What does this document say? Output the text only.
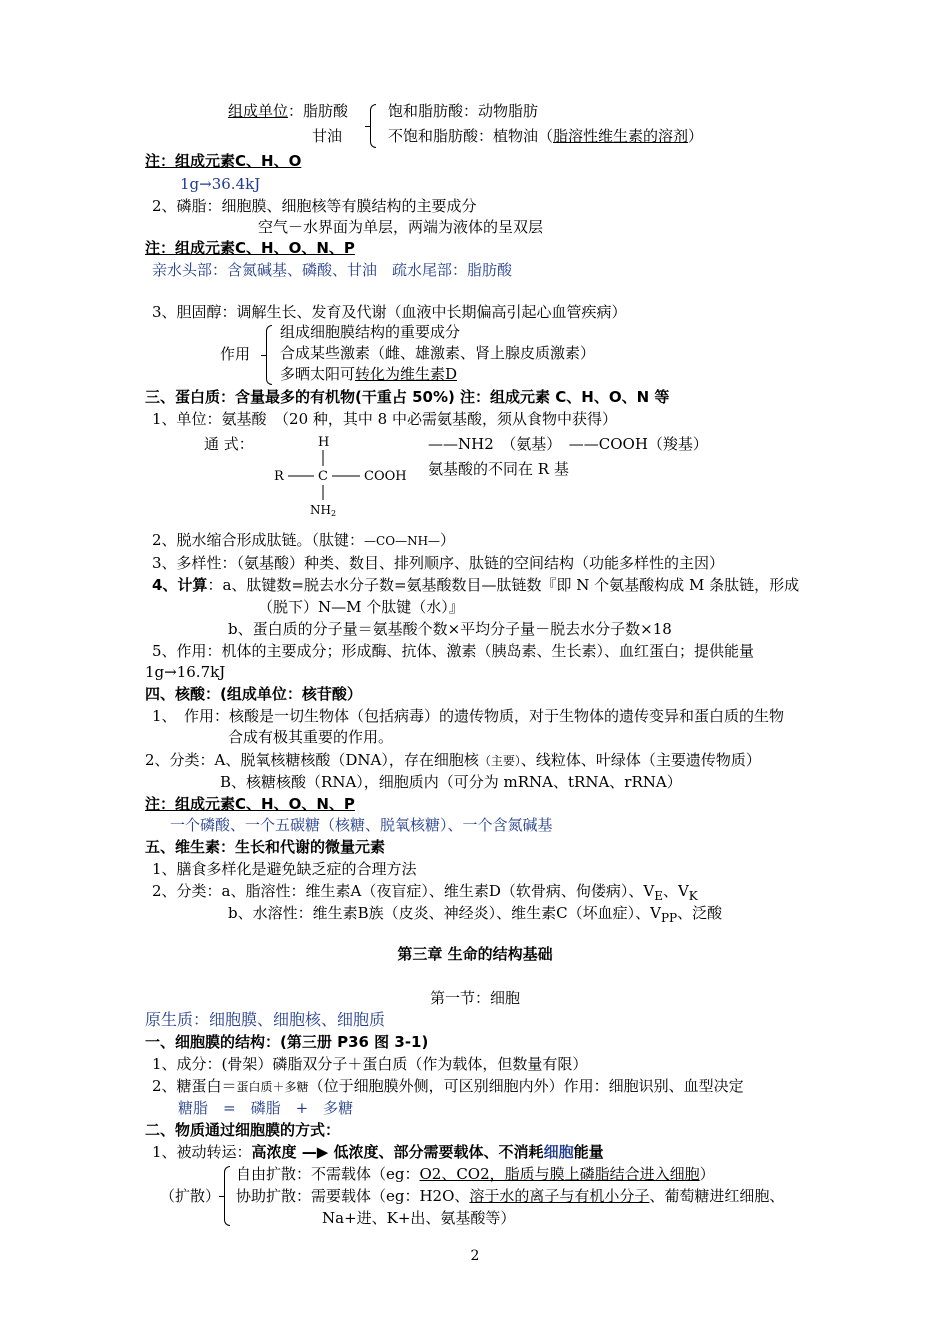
组成单位：脂肪酸
甘油
饱和脂肪酸：动物脂肪
不饱和脂肪酸：植物油（脂溶性维生素的溶剂）
注：组成元素C、H、O
1g→36.4kJ
2、磷脂：细胞膜、细胞核等有膜结构的主要成分
空气－水界面为单层，两端为液体的呈双层
注：组成元素C、H、O、N、P
亲水头部：含氮碱基、磷酸、甘油　疏水尾部：脂肪酸
3、胆固醇：调解生长、发育及代谢（血液中长期偏高引起心血管疾病）
作用
组成细胞膜结构的重要成分
合成某些激素（雌、雄激素、肾上腺皮质激素）
多晒太阳可转化为维生素D
三、蛋白质：含量最多的有机物(干重占 50%) 注：组成元素 C、H、O、N 等
1、单位：氨基酸　（20 种，其中 8 中必需氨基酸，须从食物中获得）
通 式：	H
R	C	COOH
NH2
——NH2　（氨基）　——COOH（羧基）
氨基酸的不同在 R 基
2、脱水缩合形成肽链。（肽键：—CO—NH—）
3、多样性：（氨基酸）种类、数目、排列顺序、肽链的空间结构（功能多样性的主因）
4、计算：a、肽键数=脱去水分子数=氨基酸数目—肽链数『即 N 个氨基酸构成 M 条肽链，形成
（脱下）N—M 个肽键（水）』
b、蛋白质的分子量＝氨基酸个数×平均分子量－脱去水分子数×18
5、作用：机体的主要成分；形成酶、抗体、激素（胰岛素、生长素）、血红蛋白；提供能量
1g→16.7kJ
四、核酸：(组成单位：核苷酸）
1、　作用：核酸是一切生物体（包括病毒）的遗传物质，对于生物体的遗传变异和蛋白质的生物
合成有极其重要的作用。
2、分类：A、脱氧核糖核酸（DNA），存在细胞核（主要）、线粒体、叶绿体（主要遗传物质）
B、核糖核酸（RNA），细胞质内（可分为 mRNA、tRNA、rRNA）
注：组成元素C、H、O、N、P
一个磷酸、一个五碳糖（核糖、脱氧核糖）、一个含氮碱基
五、维生素：生长和代谢的微量元素
1、膳食多样化是避免缺乏症的合理方法
2、分类：a、脂溶性：维生素A（夜盲症）、维生素D（软骨病、佝偻病）、$V_E$、$V_K$
b、水溶性：维生素B族（皮炎、神经炎）、维生素C（坏血症）、$V_{PP}$、泛酸
第三章 生命的结构基础
第一节：细胞
原生质：细胞膜、细胞核、细胞质
一、细胞膜的结构：(第三册 P36 图 3-1)
1、成分：(骨架）磷脂双分子＋蛋白质（作为载体，但数量有限）
2、糖蛋白＝蛋白质＋多糖（位于细胞膜外侧，可区别细胞内外）作用：细胞识别、血型决定
糖脂　=　磷脂　+　多糖
二、物质通过细胞膜的方式：
1、被动转运：高浓度 —▶ 低浓度、部分需要载体、不消耗细胞能量
（扩散）
自由扩散：不需载体（eg：O2、CO2，脂质与膜上磷脂结合进入细胞）
协助扩散：需要载体（eg：H2O、溶于水的离子与有机小分子、葡萄糖进红细胞、
Na+进、K+出、氨基酸等）
2
